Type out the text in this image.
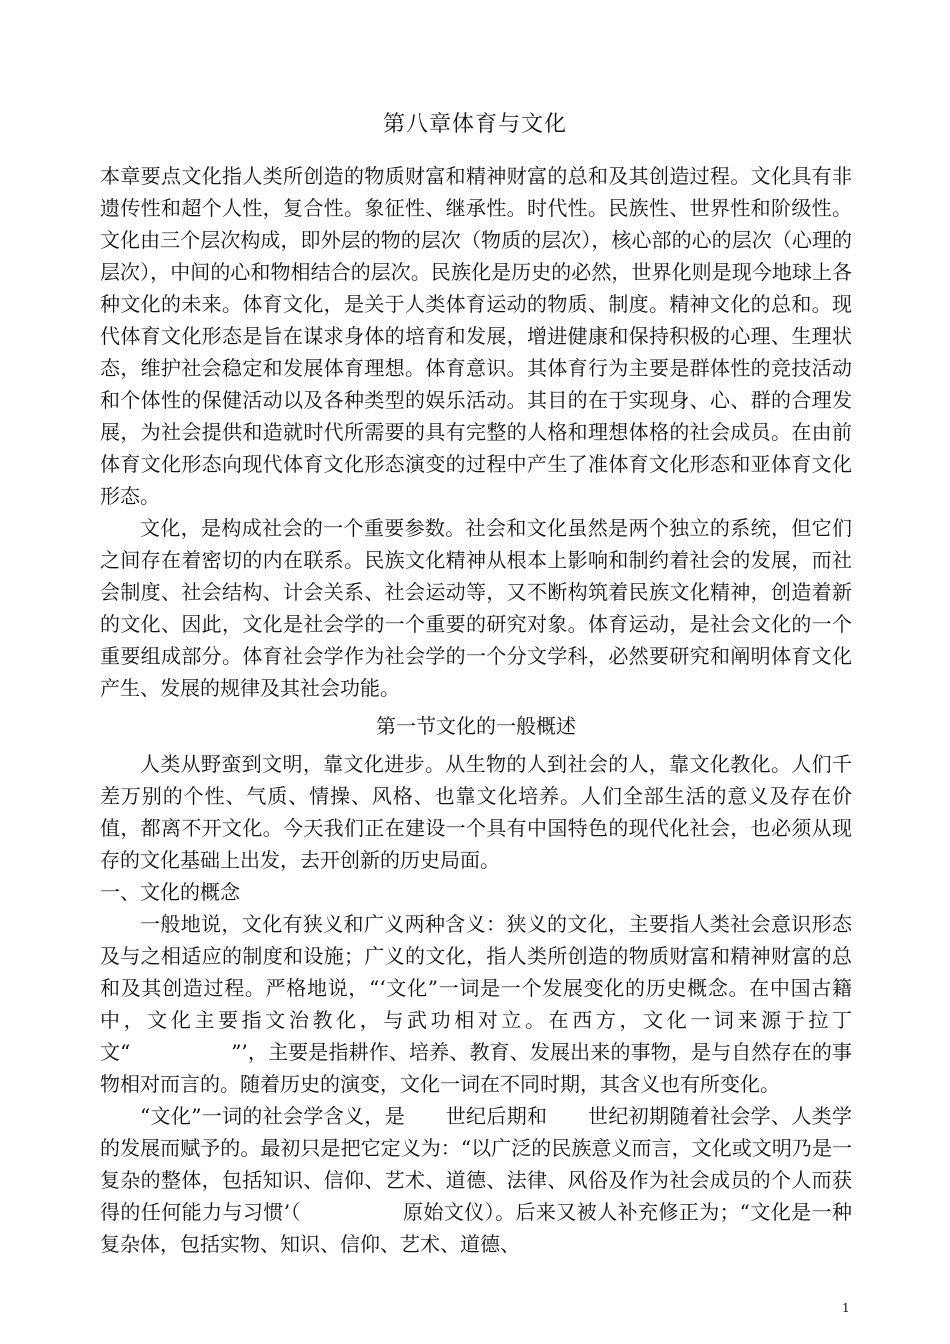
第八章体育与文化

本章要点文化指人类所创造的物质财富和精神财富的总和及其创造过程。文化具有非遗传性和超个人性，复合性。象征性、继承性。时代性。民族性、世界性和阶级性。文化由三个层次构成，即外层的物的层次（物质的层次），核心部的心的层次（心理的层次），中间的心和物相结合的层次。民族化是历史的必然，世界化则是现今地球上各种文化的未来。体育文化，是关于人类体育运动的物质、制度。精神文化的总和。现代体育文化形态是旨在谋求身体的培育和发展，增进健康和保持积极的心理、生理状态，维护社会稳定和发展体育理想。体育意识。其体育行为主要是群体性的竞技活动和个体性的保健活动以及各种类型的娱乐活动。其目的在于实现身、心、群的合理发展，为社会提供和造就时代所需要的具有完整的人格和理想体格的社会成员。在由前体育文化形态向现代体育文化形态演变的过程中产生了准体育文化形态和亚体育文化形态。

文化，是构成社会的一个重要参数。社会和文化虽然是两个独立的系统，但它们之间存在着密切的内在联系。民族文化精神从根本上影响和制约着社会的发展，而社会制度、社会结构、计会关系、社会运动等，又不断构筑着民族文化精神，创造着新的文化、因此，文化是社会学的一个重要的研究对象。体育运动，是社会文化的一个重要组成部分。体育社会学作为社会学的一个分文学科，必然要研究和阐明体育文化产生、发展的规律及其社会功能。

第一节文化的一般概述

人类从野蛮到文明，靠文化进步。从生物的人到社会的人，靠文化教化。人们千差万别的个性、气质、情操、风格、也靠文化培养。人们全部生活的意义及存在价值，都离不开文化。今天我们正在建设一个具有中国特色的现代化社会，也必须从现存的文化基础上出发，去开创新的历史局面。

一、文化的概念

一般地说，文化有狭义和广义两种含义：狭义的文化，主要指人类社会意识形态及与之相适应的制度和设施；广义的文化，指人类所创造的物质财富和精神财富的总和及其创造过程。严格地说，“‘文化”一词是一个发展变化的历史概念。在中国古籍中，文化主要指文治教化，与武功相对立。在西方，文化一词来源于拉丁文“　　　　　”’，主要是指耕作、培养、教育、发展出来的事物，是与自然存在的事物相对而言的。随着历史的演变，文化一词在不同时期，其含义也有所变化。

“文化”一词的社会学含义，是　　世纪后期和　　世纪初期随着社会学、人类学的发展而赋予的。最初只是把它定义为：“以广泛的民族意义而言，文化或文明乃是一复杂的整体，包括知识、信仰、艺术、道德、法律、风俗及作为社会成员的个人而获得的任何能力与习惯’（　　　　　原始文仪）。后来又被人补充修正为；“文化是一种复杂体，包括实物、知识、信仰、艺术、道德、

1
